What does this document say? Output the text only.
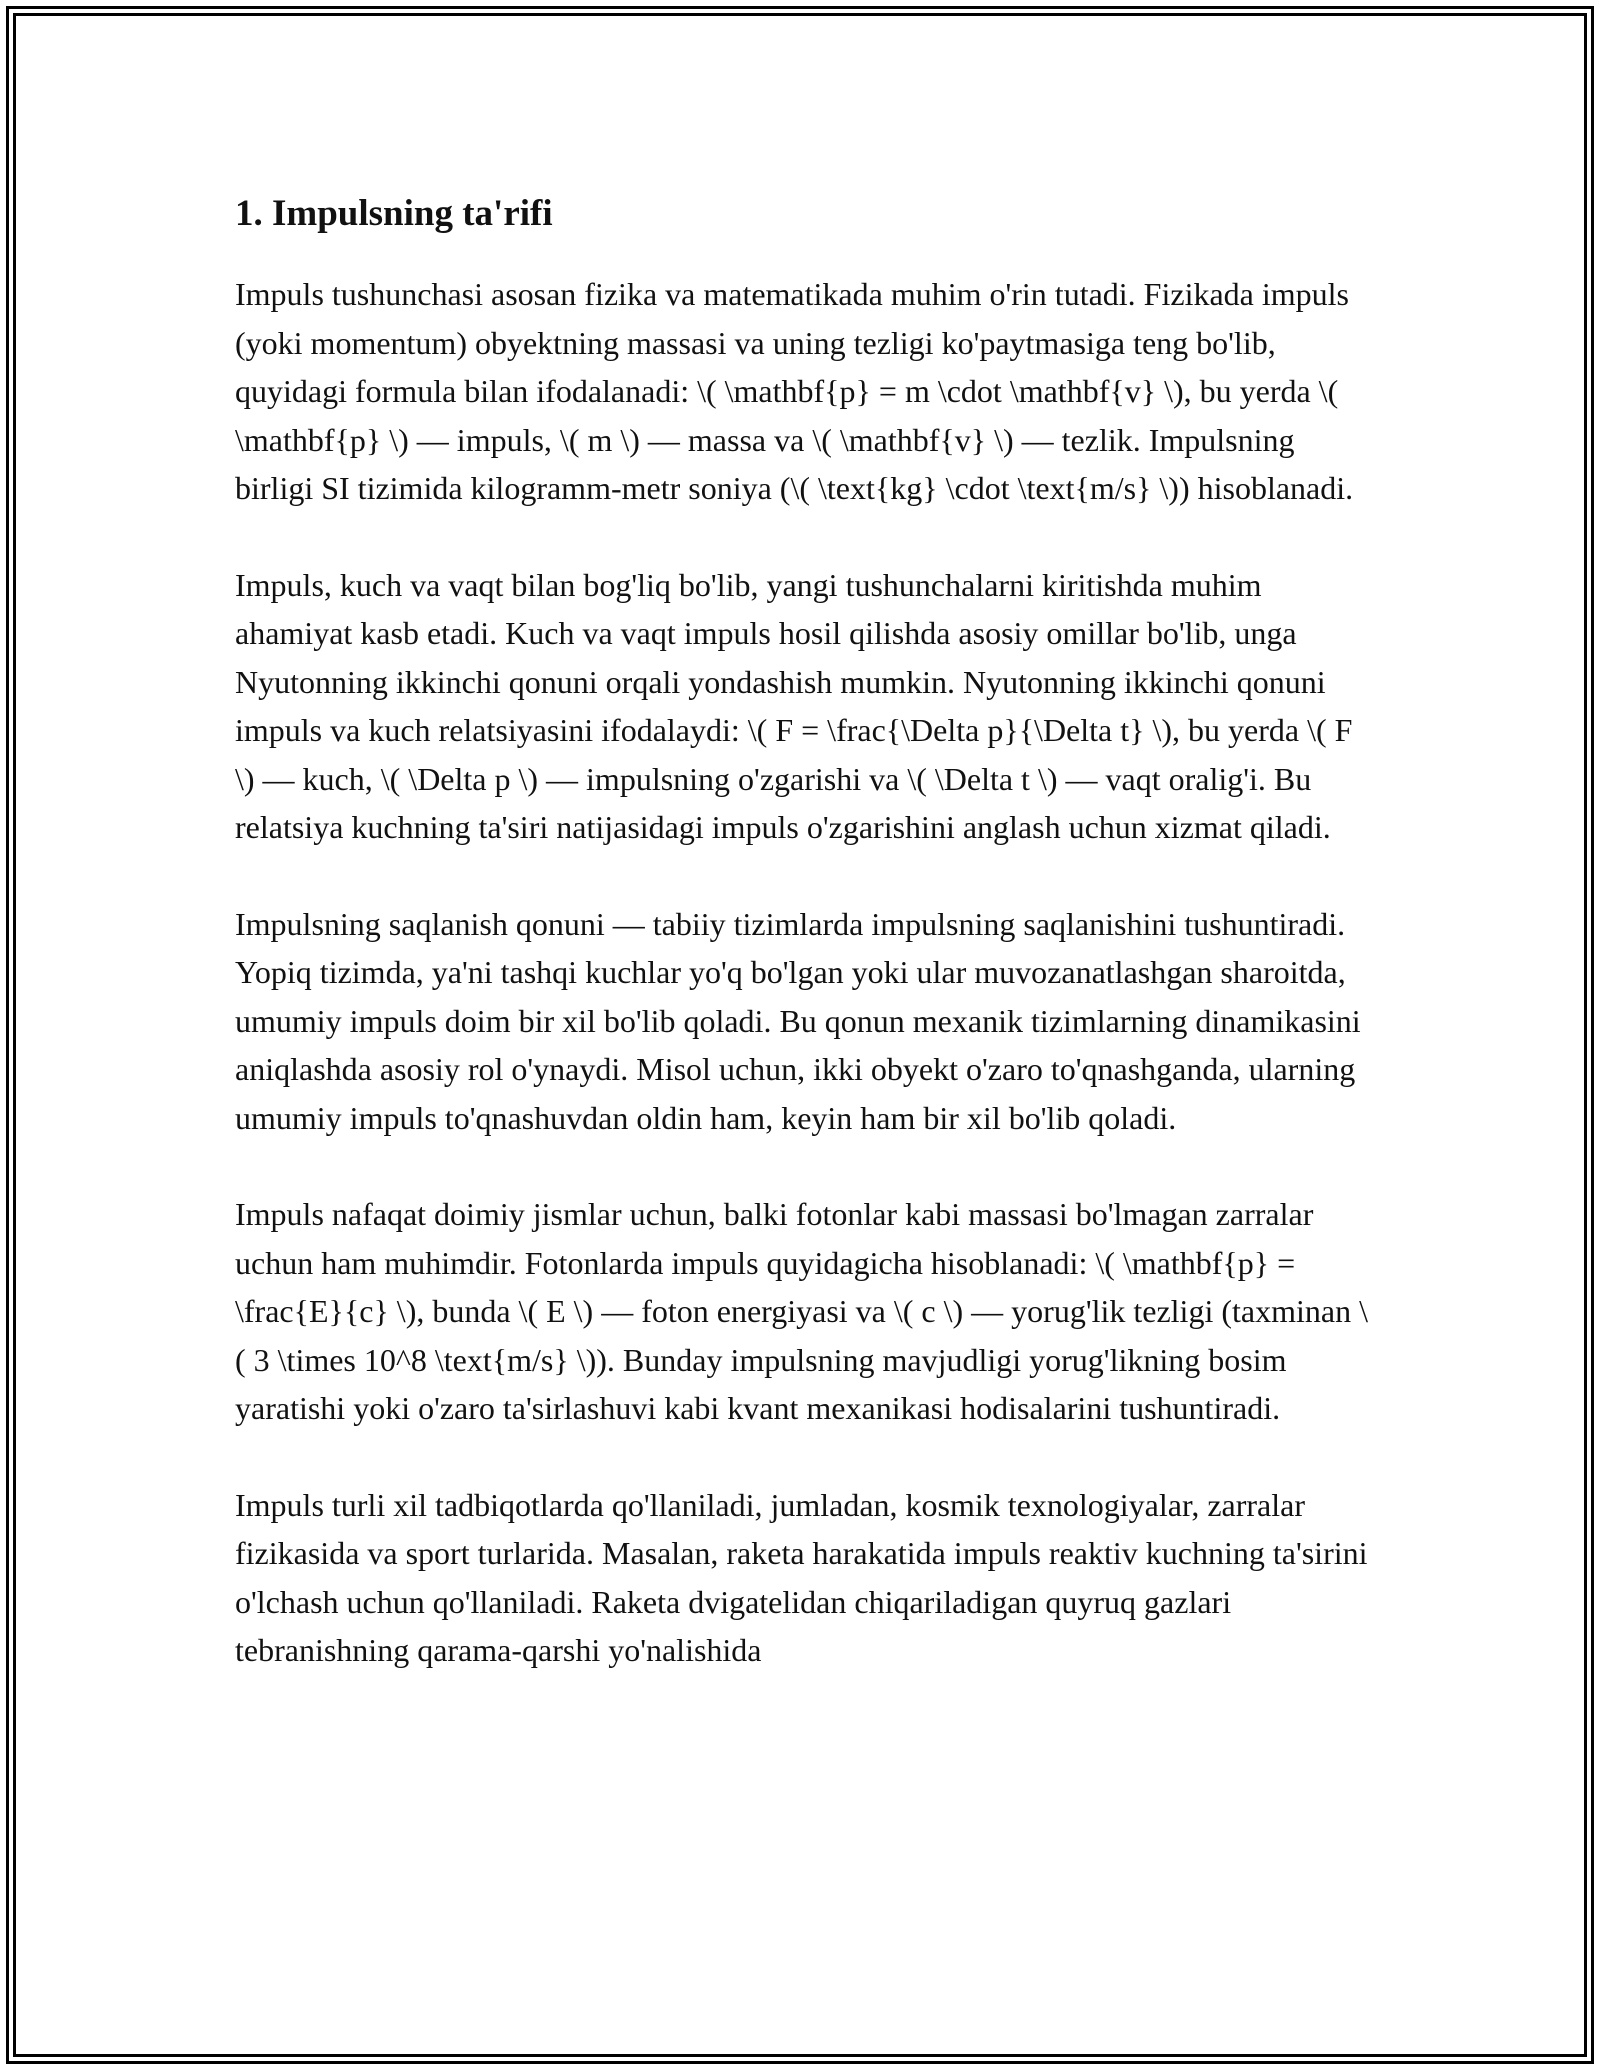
1. Impulsning ta'rifi

Impuls tushunchasi asosan fizika va matematikada muhim o'rin tutadi. Fizikada impuls (yoki momentum) obyektning massasi va uning tezligi ko'paytmasiga teng bo'lib, quyidagi formula bilan ifodalanadi: \( \mathbf{p} = m \cdot \mathbf{v} \), bu yerda \( \mathbf{p} \) — impuls, \( m \) — massa va \( \mathbf{v} \) — tezlik. Impulsning birligi SI tizimida kilogramm-metr soniya (\( \text{kg} \cdot \text{m/s} \)) hisoblanadi.

Impuls, kuch va vaqt bilan bog'liq bo'lib, yangi tushunchalarni kiritishda muhim ahamiyat kasb etadi. Kuch va vaqt impuls hosil qilishda asosiy omillar bo'lib, unga Nyutonning ikkinchi qonuni orqali yondashish mumkin. Nyutonning ikkinchi qonuni impuls va kuch relatsiyasini ifodalaydi: \( F = \frac{\Delta p}{\Delta t} \), bu yerda \( F \) — kuch, \( \Delta p \) — impulsning o'zgarishi va \( \Delta t \) — vaqt oralig'i. Bu relatsiya kuchning ta'siri natijasidagi impuls o'zgarishini anglash uchun xizmat qiladi.

Impulsning saqlanish qonuni — tabiiy tizimlarda impulsning saqlanishini tushuntiradi. Yopiq tizimda, ya'ni tashqi kuchlar yo'q bo'lgan yoki ular muvozanatlashgan sharoitda, umumiy impuls doim bir xil bo'lib qoladi. Bu qonun mexanik tizimlarning dinamikasini aniqlashda asosiy rol o'ynaydi. Misol uchun, ikki obyekt o'zaro to'qnashganda, ularning umumiy impuls to'qnashuvdan oldin ham, keyin ham bir xil bo'lib qoladi.

Impuls nafaqat doimiy jismlar uchun, balki fotonlar kabi massasi bo'lmagan zarralar uchun ham muhimdir. Fotonlarda impuls quyidagicha hisoblanadi: \( \mathbf{p} = \frac{E}{c} \), bunda \( E \) — foton energiyasi va \( c \) — yorug'lik tezligi (taxminan \( 3 \times 10^8 \text{m/s} \)). Bunday impulsning mavjudligi yorug'likning bosim yaratishi yoki o'zaro ta'sirlashuvi kabi kvant mexanikasi hodisalarini tushuntiradi.

Impuls turli xil tadbiqotlarda qo'llaniladi, jumladan, kosmik texnologiyalar, zarralar fizikasida va sport turlarida. Masalan, raketa harakatida impuls reaktiv kuchning ta'sirini o'lchash uchun qo'llaniladi. Raketa dvigatelidan chiqariladigan quyruq gazlari tebranishning qarama-qarshi yo'nalishida
